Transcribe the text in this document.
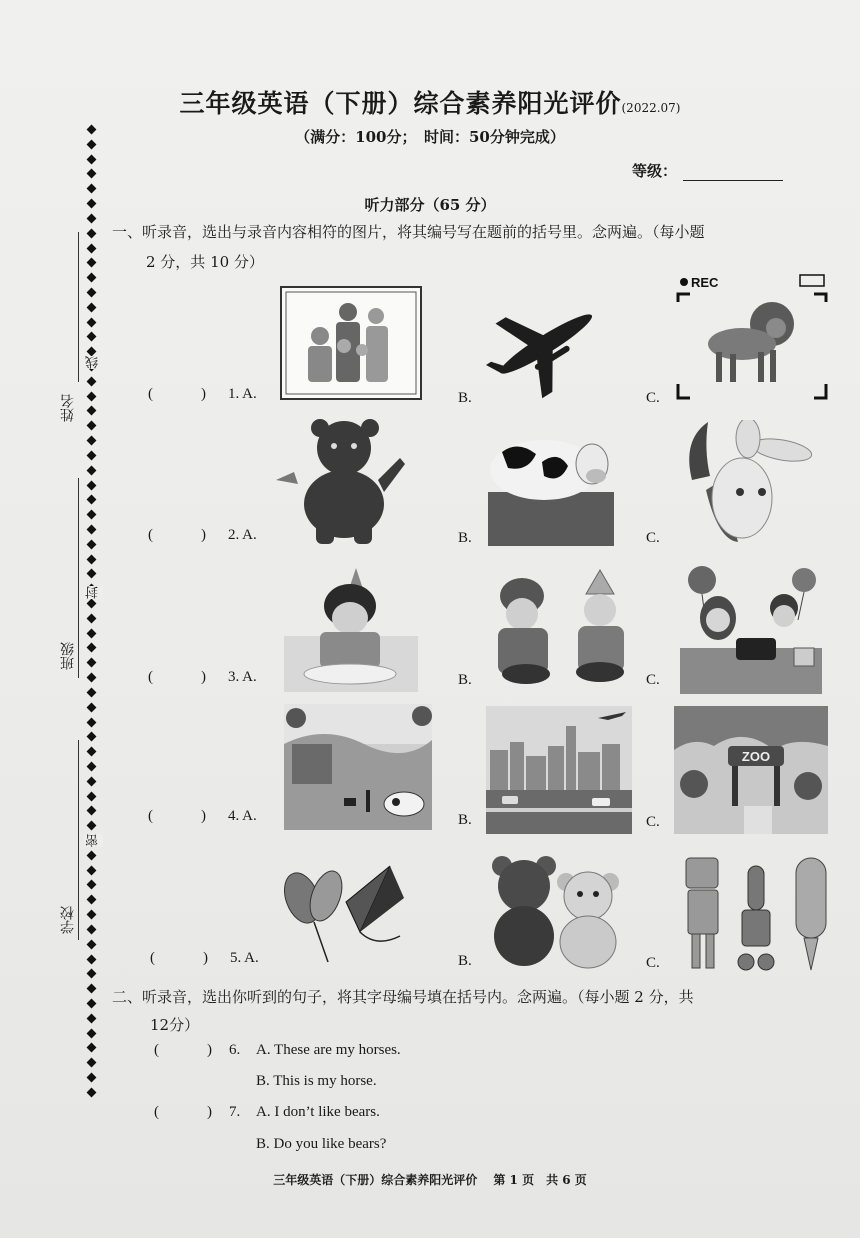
姓名
班级
学校
线
封
密
三年级英语（下册）综合素养阳光评价(2022.07)
（满分：100分；　时间：50分钟完成）
等级：
听力部分（65 分）
一、听录音，选出与录音内容相符的图片，将其编号写在题前的括号里。念两遍。（每小题
2 分，共 10 分）
(	) 1. A.	B.	C.
(	) 2. A.	B.	C.
(	) 3. A.	B.	C.
(	) 4. A.	B.	C.
(	) 5. A.	B.	C.
REC
ZOO
二、听录音，选出你听到的句子，将其字母编号填在括号内。念两遍。（每小题 2 分，共
12分）
(	) 6. A. These are my horses.
B. This is my horse.
(	) 7. A. I don’t like bears.
B. Do you like bears?
三年级英语（下册）综合素养阳光评价　 第 1 页　共 6 页
